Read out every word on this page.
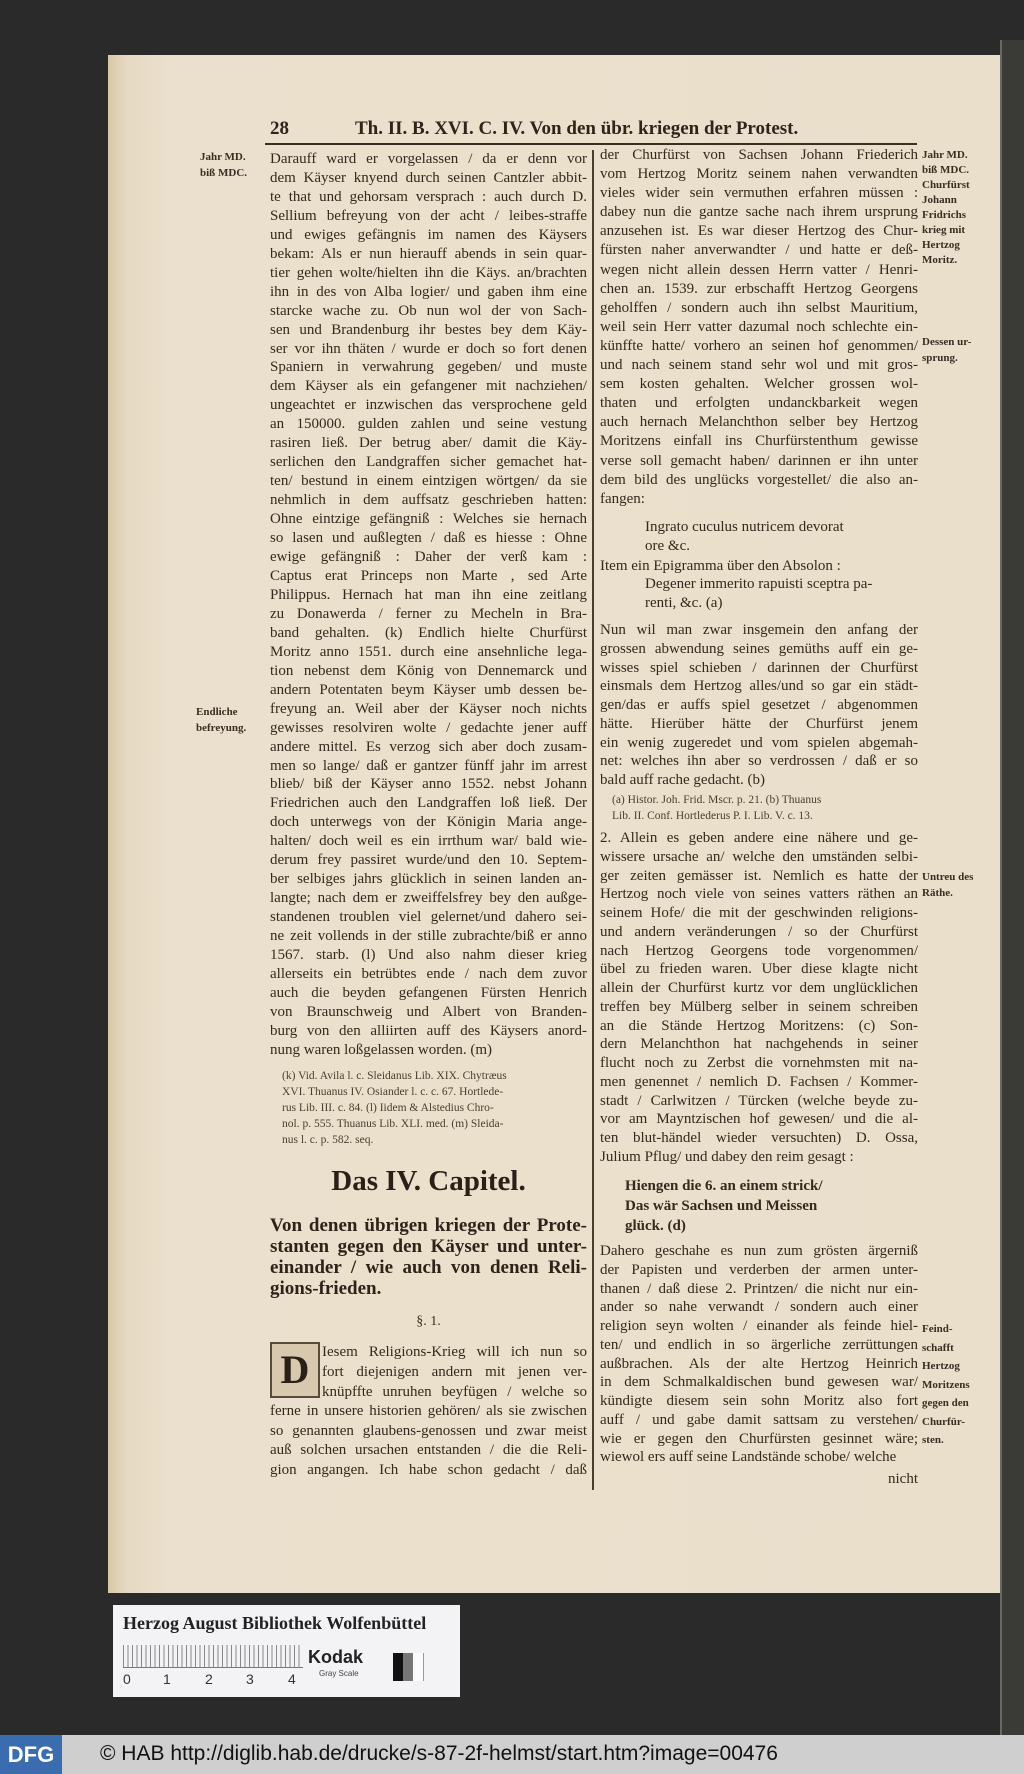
28	Th. II. B. XVI. C. IV. Von den übr. kriegen der Protest.
Jahr MD.
biß MDC.
Endliche
befreyung.
Darauff ward er vorgelassen / da er denn vor
dem Käyser knyend durch seinen Cantzler abbit-
te that und gehorsam versprach : auch durch D.
Sellium befreyung von der acht / leibes-straffe
und ewiges gefängnis im namen des Käysers
bekam: Als er nun hierauff abends in sein quar-
tier gehen wolte/hielten ihn die Käys. an/brachten
ihn in des von Alba logier/ und gaben ihm eine
starcke wache zu. Ob nun wol der von Sach-
sen und Brandenburg ihr bestes bey dem Käy-
ser vor ihn thäten / wurde er doch so fort denen
Spaniern in verwahrung gegeben/ und muste
dem Käyser als ein gefangener mit nachziehen/
ungeachtet er inzwischen das versprochene geld
an 150000. gulden zahlen und seine vestung
rasiren ließ. Der betrug aber/ damit die Käy-
serlichen den Landgraffen sicher gemachet hat-
ten/ bestund in einem eintzigen wörtgen/ da sie
nehmlich in dem auffsatz geschrieben hatten:
Ohne eintzige gefängniß : Welches sie hernach
so lasen und außlegten / daß es hiesse : Ohne
ewige gefängniß : Daher der verß kam :
Captus erat Princeps non Marte , sed Arte
Philippus. Hernach hat man ihn eine zeitlang
zu Donawerda / ferner zu Mecheln in Bra-
band gehalten. (k) Endlich hielte Churfürst
Moritz anno 1551. durch eine ansehnliche lega-
tion nebenst dem König von Dennemarck und
andern Potentaten beym Käyser umb dessen be-
freyung an. Weil aber der Käyser noch nichts
gewisses resolviren wolte / gedachte jener auff
andere mittel. Es verzog sich aber doch zusam-
men so lange/ daß er gantzer fünff jahr im arrest
blieb/ biß der Käyser anno 1552. nebst Johann
Friedrichen auch den Landgraffen loß ließ. Der
doch unterwegs von der Königin Maria ange-
halten/ doch weil es ein irrthum war/ bald wie-
derum frey passiret wurde/und den 10. Septem-
ber selbiges jahrs glücklich in seinen landen an-
langte; nach dem er zweiffelsfrey bey den außge-
standenen troublen viel gelernet/und dahero sei-
ne zeit vollends in der stille zubrachte/biß er anno
1567. starb. (l) Und also nahm dieser krieg
allerseits ein betrübtes ende / nach dem zuvor
auch die beyden gefangenen Fürsten Henrich
von Braunschweig und Albert von Branden-
burg von den alliirten auff des Käysers anord-
nung waren loßgelassen worden. (m)
(k) Vid. Avila l. c. Sleidanus Lib. XIX. Chytræus
XVI. Thuanus IV. Osiander l. c. c. 67. Hortlede-
rus Lib. III. c. 84. (l) Iidem & Alstedius Chro-
nol. p. 555. Thuanus Lib. XLI. med. (m) Sleida-
nus l. c. p. 582. seq.
Das IV. Capitel.
Von denen übrigen kriegen der Prote-
stanten gegen den Käyser und unter-
einander / wie auch von denen Reli-
gions-frieden.
§. 1.
D Iesem Religions-Krieg will ich nun so
fort diejenigen andern mit jenen ver-
knüpffte unruhen beyfügen / welche so
ferne in unsere historien gehören/ als sie zwischen
so genannten glaubens-genossen und zwar meist
auß solchen ursachen entstanden / die die Reli-
gion angangen. Ich habe schon gedacht / daß
Jahr MD.
biß MDC.
Churfürst
Johann
Fridrichs
krieg mit
Hertzog
Moritz.
Dessen ur-
sprung.
Untreu des
Räthe.
Feind-
schafft
Hertzog
Moritzens
gegen den
Churfür-
sten.
der Churfürst von Sachsen Johann Friederich
vom Hertzog Moritz seinem nahen verwandten
vieles wider sein vermuthen erfahren müssen :
dabey nun die gantze sache nach ihrem ursprung
anzusehen ist. Es war dieser Hertzog des Chur-
fürsten naher anverwandter / und hatte er deß-
wegen nicht allein dessen Herrn vatter / Henri-
chen an. 1539. zur erbschafft Hertzog Georgens
geholffen / sondern auch ihn selbst Mauritium,
weil sein Herr vatter dazumal noch schlechte ein-
künffte hatte/ vorhero an seinen hof genommen/
und nach seinem stand sehr wol und mit gros-
sem kosten gehalten. Welcher grossen wol-
thaten und erfolgten undanckbarkeit wegen
auch hernach Melanchthon selber bey Hertzog
Moritzens einfall ins Churfürstenthum gewisse
verse soll gemacht haben/ darinnen er ihn unter
dem bild des unglücks vorgestellet/ die also an-
fangen:
Ingrato cuculus nutricem devorat
ore &c.
Item ein Epigramma über den Absolon :
Degener immerito rapuisti sceptra pa-
renti, &c. (a)
Nun wil man zwar insgemein den anfang der
grossen abwendung seines gemüths auff ein ge-
wisses spiel schieben / darinnen der Churfürst
einsmals dem Hertzog alles/und so gar ein städt-
gen/das er auffs spiel gesetzet / abgenommen
hätte. Hierüber hätte der Churfürst jenem
ein wenig zugeredet und vom spielen abgemah-
net: welches ihn aber so verdrossen / daß er so
bald auff rache gedacht. (b)
(a) Histor. Joh. Frid. Mscr. p. 21. (b) Thuanus
Lib. II. Conf. Hortlederus P. I. Lib. V. c. 13.
2. Allein es geben andere eine nähere und ge-
wissere ursache an/ welche den umständen selbi-
ger zeiten gemässer ist. Nemlich es hatte der
Hertzog noch viele von seines vatters räthen an
seinem Hofe/ die mit der geschwinden religions-
und andern veränderungen / so der Churfürst
nach Hertzog Georgens tode vorgenommen/
übel zu frieden waren. Uber diese klagte nicht
allein der Churfürst kurtz vor dem unglücklichen
treffen bey Mülberg selber in seinem schreiben
an die Stände Hertzog Moritzens: (c) Son-
dern Melanchthon hat nachgehends in seiner
flucht noch zu Zerbst die vornehmsten mit na-
men genennet / nemlich D. Fachsen / Kommer-
stadt / Carlwitzen / Türcken (welche beyde zu-
vor am Mayntzischen hof gewesen/ und die al-
ten blut-händel wieder versuchten) D. Ossa,
Julium Pflug/ und dabey den reim gesagt :
Hiengen die 6. an einem strick/
Das wär Sachsen und Meissen
glück. (d)
Dahero geschahe es nun zum grösten ärgerniß
der Papisten und verderben der armen unter-
thanen / daß diese 2. Printzen/ die nicht nur ein-
ander so nahe verwandt / sondern auch einer
religion seyn wolten / einander als feinde hiel-
ten/ und endlich in so ärgerliche zerrüttungen
außbrachen. Als der alte Hertzog Heinrich
in dem Schmalkaldischen bund gewesen war/
kündigte diesem sein sohn Moritz also fort
auff / und gabe damit sattsam zu verstehen/
wie er gegen den Churfürsten gesinnet wäre;
wiewol ers auff seine Landstände schobe/ welche
nicht
Herzog August Bibliothek Wolfenbüttel
0 1 2 3 4
Kodak
Gray Scale
DFG	© HAB http://diglib.hab.de/drucke/s-87-2f-helmst/start.htm?image=00476
